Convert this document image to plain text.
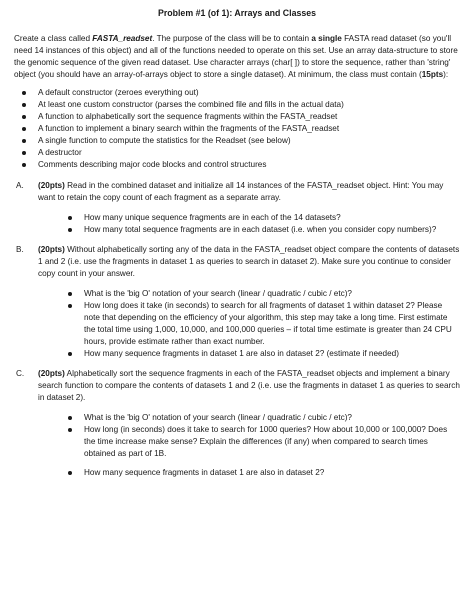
Problem #1 (of 1): Arrays and Classes

Create a class called FASTA_readset. The purpose of the class will be to contain a single FASTA read dataset (so you'll need 14 instances of this object) and all of the functions needed to operate on this set. Use an array data-structure to store the genomic sequence of the given read dataset. Use character arrays (char[ ]) to store the sequence, rather than 'string' object (you should have an array-of-arrays object to store a single dataset). At minimum, the class must contain (15pts):

A default constructor (zeroes everything out)
At least one custom constructor (parses the combined file and fills in the actual data)
A function to alphabetically sort the sequence fragments within the FASTA_readset
A function to implement a binary search within the fragments of the FASTA_readset
A single function to compute the statistics for the Readset (see below)
A destructor
Comments describing major code blocks and control structures
A. (20pts) Read in the combined dataset and initialize all 14 instances of the FASTA_readset object. Hint: You may want to retain the copy count of each fragment as a separate array.
How many unique sequence fragments are in each of the 14 datasets?
How many total sequence fragments are in each dataset (i.e. when you consider copy numbers)?
B. (20pts) Without alphabetically sorting any of the data in the FASTA_readset object compare the contents of datasets 1 and 2 (i.e. use the fragments in dataset 1 as queries to search in dataset 2). Make sure you continue to consider copy count in your answer.
What is the 'big O' notation of your search (linear / quadratic / cubic / etc)?
How long does it take (in seconds) to search for all fragments of dataset 1 within dataset 2? Please note that depending on the efficiency of your algorithm, this step may take a long time. First estimate the total time using 1,000, 10,000, and 100,000 queries – if total time estimate is greater than 24 CPU hours, provide estimate rather than exact number.
How many sequence fragments in dataset 1 are also in dataset 2? (estimate if needed)
C. (20pts) Alphabetically sort the sequence fragments in each of the FASTA_readset objects and implement a binary search function to compare the contents of datasets 1 and 2 (i.e. use the fragments in dataset 1 as queries to search in dataset 2).
What is the 'big O' notation of your search (linear / quadratic / cubic / etc)?
How long (in seconds) does it take to search for 1000 queries? How about 10,000 or 100,000? Does the time increase make sense? Explain the differences (if any) when compared to search times obtained as part of 1B.
How many sequence fragments in dataset 1 are also in dataset 2?
